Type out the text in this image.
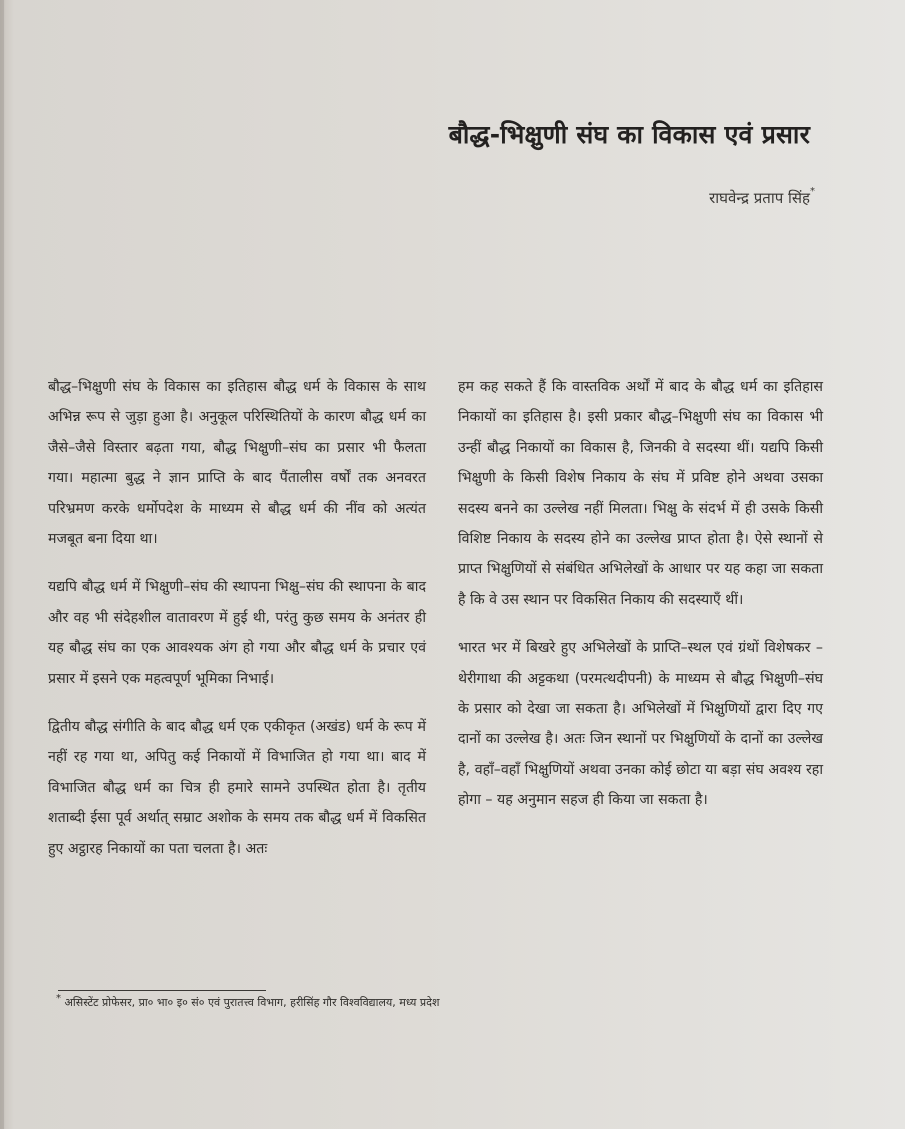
बौद्ध-भिक्षुणी संघ का विकास एवं प्रसार
राघवेन्द्र प्रताप सिंह*

बौद्ध–भिक्षुणी संघ के विकास का इतिहास बौद्ध धर्म के विकास के साथ अभिन्न रूप से जुड़ा हुआ है। अनुकूल परिस्थितियों के कारण बौद्ध धर्म का जैसे–जैसे विस्तार बढ़ता गया, बौद्ध भिक्षुणी–संघ का प्रसार भी फैलता गया। महात्मा बुद्ध ने ज्ञान प्राप्ति के बाद पैंतालीस वर्षों तक अनवरत परिभ्रमण करके धर्मोपदेश के माध्यम से बौद्ध धर्म की नींव को अत्यंत मजबूत बना दिया था।

यद्यपि बौद्ध धर्म में भिक्षुणी–संघ की स्थापना भिक्षु–संघ की स्थापना के बाद और वह भी संदेहशील वातावरण में हुई थी, परंतु कुछ समय के अनंतर ही यह बौद्ध संघ का एक आवश्यक अंग हो गया और बौद्ध धर्म के प्रचार एवं प्रसार में इसने एक महत्वपूर्ण भूमिका निभाई।

द्वितीय बौद्ध संगीति के बाद बौद्ध धर्म एक एकीकृत (अखंड) धर्म के रूप में नहीं रह गया था, अपितु कई निकायों में विभाजित हो गया था। बाद में विभाजित बौद्ध धर्म का चित्र ही हमारे सामने उपस्थित होता है। तृतीय शताब्दी ईसा पूर्व अर्थात् सम्राट अशोक के समय तक बौद्ध धर्म में विकसित हुए अट्ठारह निकायों का पता चलता है। अतः

हम कह सकते हैं कि वास्तविक अर्थों में बाद के बौद्ध धर्म का इतिहास निकायों का इतिहास है। इसी प्रकार बौद्ध–भिक्षुणी संघ का विकास भी उन्हीं बौद्ध निकायों का विकास है, जिनकी वे सदस्या थीं। यद्यपि किसी भिक्षुणी के किसी विशेष निकाय के संघ में प्रविष्ट होने अथवा उसका सदस्य बनने का उल्लेख नहीं मिलता। भिक्षु के संदर्भ में ही उसके किसी विशिष्ट निकाय के सदस्य होने का उल्लेख प्राप्त होता है। ऐसे स्थानों से प्राप्त भिक्षुणियों से संबंधित अभिलेखों के आधार पर यह कहा जा सकता है कि वे उस स्थान पर विकसित निकाय की सदस्याएँ थीं।

भारत भर में बिखरे हुए अभिलेखों के प्राप्ति–स्थल एवं ग्रंथों विशेषकर – थेरीगाथा की अट्टकथा (परमत्थदीपनी) के माध्यम से बौद्ध भिक्षुणी–संघ के प्रसार को देखा जा सकता है। अभिलेखों में भिक्षुणियों द्वारा दिए गए दानों का उल्लेख है। अतः जिन स्थानों पर भिक्षुणियों के दानों का उल्लेख है, वहाँ–वहाँ भिक्षुणियों अथवा उनका कोई छोटा या बड़ा संघ अवश्य रहा होगा – यह अनुमान सहज ही किया जा सकता है।

* असिस्टेंट प्रोफेसर, प्रा० भा० इ० सं० एवं पुरातत्त्व विभाग, हरीसिंह गौर विश्वविद्यालय, मध्य प्रदेश
